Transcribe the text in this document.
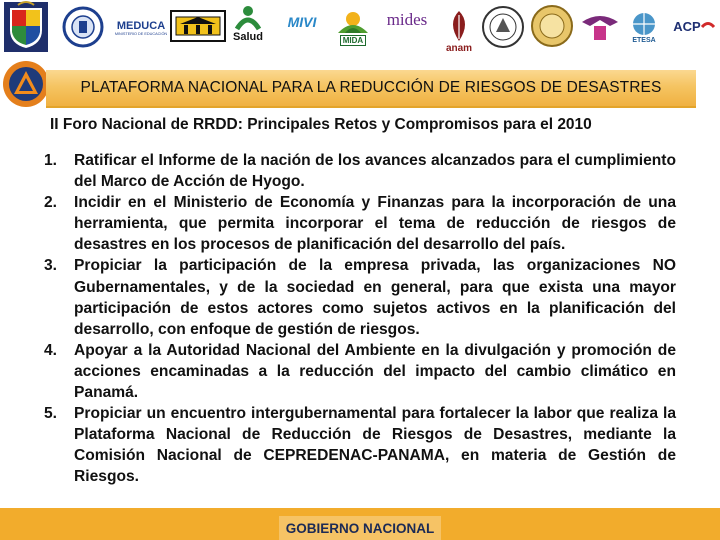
MEDUCA
MINISTERIO DE EDUCACIÓN	Salud
MIVI
MIDA
mides
anam
ETESA
ACP
PLATAFORMA NACIONAL PARA LA REDUCCIÓN DE RIESGOS DE DESASTRES
II Foro Nacional de RRDD: Principales Retos y Compromisos para el 2010
1.	Ratificar el Informe de la nación de los avances alcanzados para el cumplimiento del Marco de Acción de Hyogo.
2.	Incidir en el Ministerio de Economía y Finanzas para la incorporación de una herramienta, que permita incorporar el tema de reducción de riesgos de desastres en los procesos de planificación del desarrollo del país.
3.	Propiciar la participación de la empresa privada, las organizaciones NO Gubernamentales, y de la sociedad en general, para que exista una mayor participación de estos actores como sujetos activos en la planificación del desarrollo, con enfoque de gestión de riesgos.
4.	Apoyar a la Autoridad Nacional del Ambiente en la divulgación y promoción de acciones encaminadas a la reducción del impacto del cambio climático en Panamá.
5.	Propiciar un encuentro intergubernamental para fortalecer la labor que realiza la Plataforma Nacional de Reducción de Riesgos de Desastres, mediante la Comisión Nacional de CEPREDENAC-PANAMA, en materia de Gestión de Riesgos.
GOBIERNO NACIONAL
